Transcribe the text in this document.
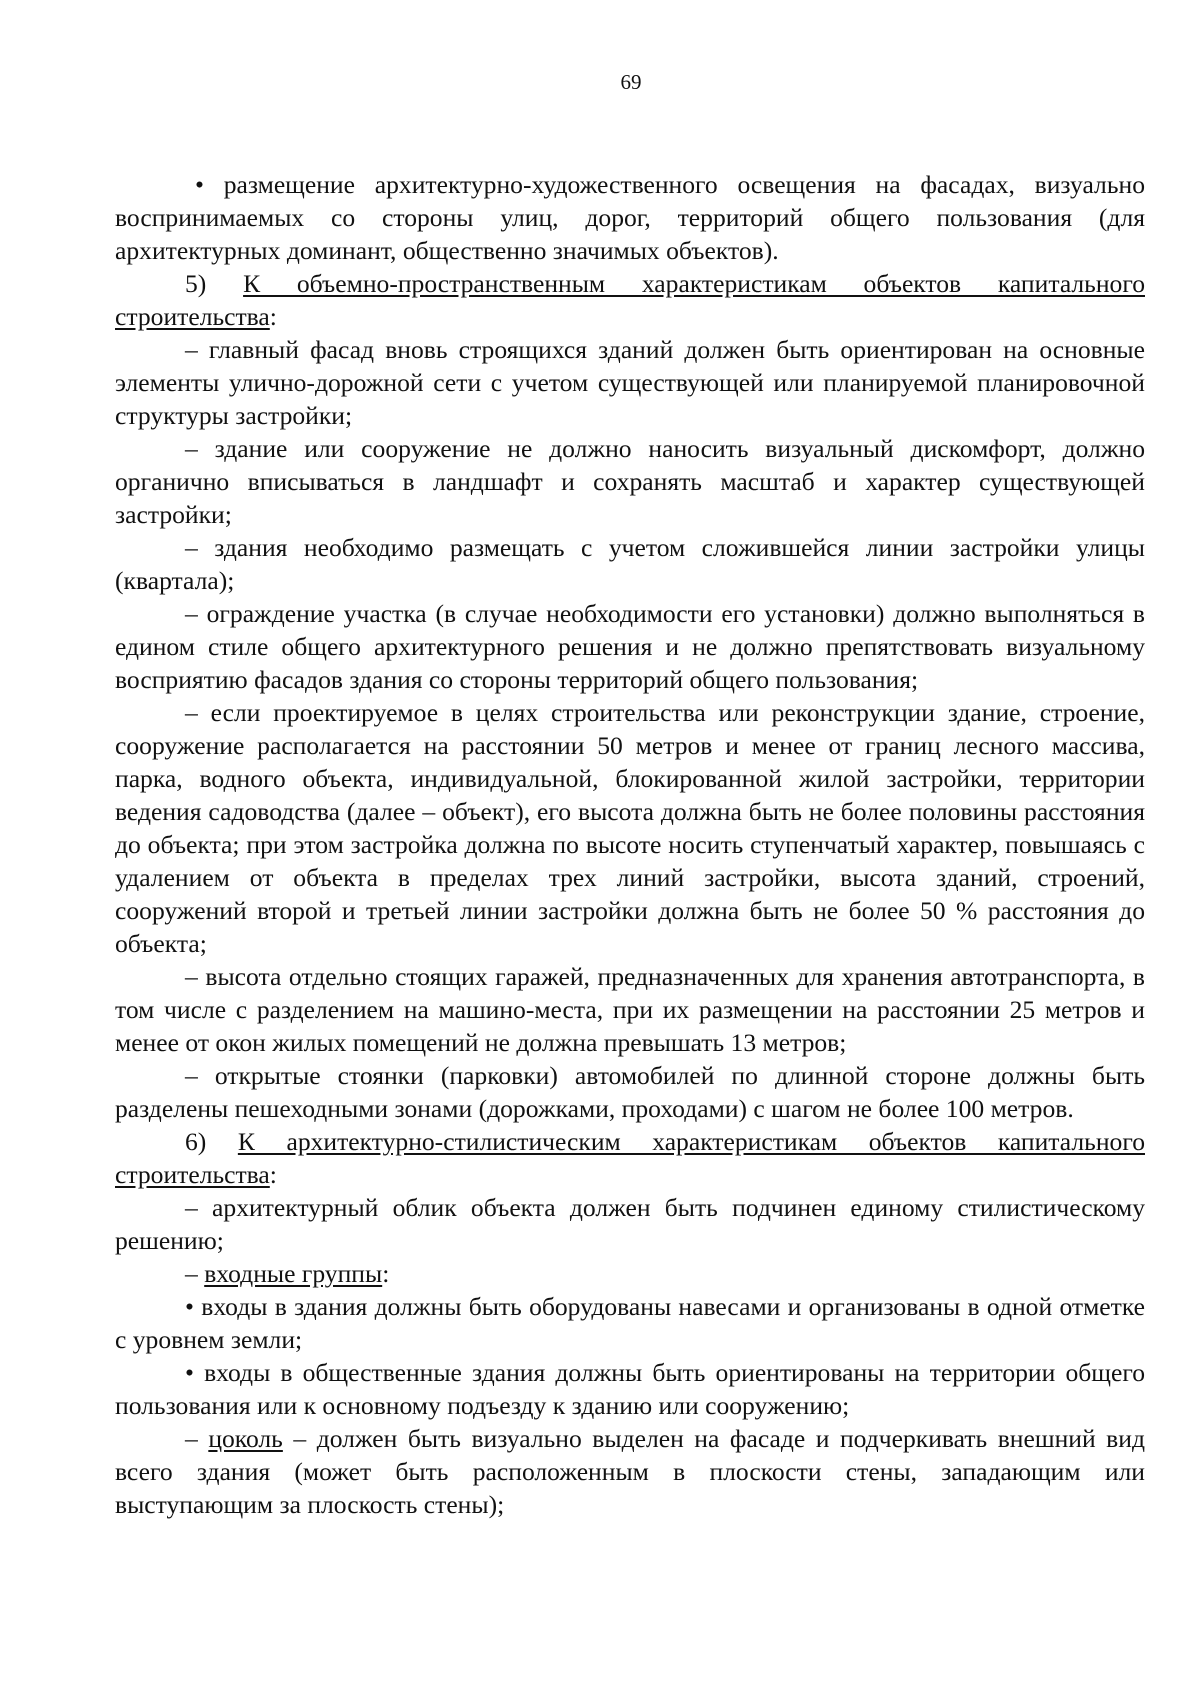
69

• размещение архитектурно-художественного освещения на фасадах, визуально воспринимаемых со стороны улиц, дорог, территорий общего пользования (для архитектурных доминант, общественно значимых объектов).

5) К объемно-пространственным характеристикам объектов капитального строительства:

– главный фасад вновь строящихся зданий должен быть ориентирован на основные элементы улично-дорожной сети с учетом существующей или планируемой планировочной структуры застройки;

– здание или сооружение не должно наносить визуальный дискомфорт, должно органично вписываться в ландшафт и сохранять масштаб и характер существующей застройки;

– здания необходимо размещать с учетом сложившейся линии застройки улицы (квартала);

– ограждение участка (в случае необходимости его установки) должно выполняться в едином стиле общего архитектурного решения и не должно препятствовать визуальному восприятию фасадов здания со стороны территорий общего пользования;

– если проектируемое в целях строительства или реконструкции здание, строение, сооружение располагается на расстоянии 50 метров и менее от границ лесного массива, парка, водного объекта, индивидуальной, блокированной жилой застройки, территории ведения садоводства (далее – объект), его высота должна быть не более половины расстояния до объекта; при этом застройка должна по высоте носить ступенчатый характер, повышаясь с удалением от объекта в пределах трех линий застройки, высота зданий, строений, сооружений второй и третьей линии застройки должна быть не более 50 % расстояния до объекта;

– высота отдельно стоящих гаражей, предназначенных для хранения автотранспорта, в том числе с разделением на машино-места, при их размещении на расстоянии 25 метров и менее от окон жилых помещений не должна превышать 13 метров;

– открытые стоянки (парковки) автомобилей по длинной стороне должны быть разделены пешеходными зонами (дорожками, проходами) с шагом не более 100 метров.

6) К архитектурно-стилистическим характеристикам объектов капитального строительства:

– архитектурный облик объекта должен быть подчинен единому стилистическому решению;

– входные группы:

• входы в здания должны быть оборудованы навесами и организованы в одной отметке с уровнем земли;

• входы в общественные здания должны быть ориентированы на территории общего пользования или к основному подъезду к зданию или сооружению;

– цоколь – должен быть визуально выделен на фасаде и подчеркивать внешний вид всего здания (может быть расположенным в плоскости стены, западающим или выступающим за плоскость стены);
